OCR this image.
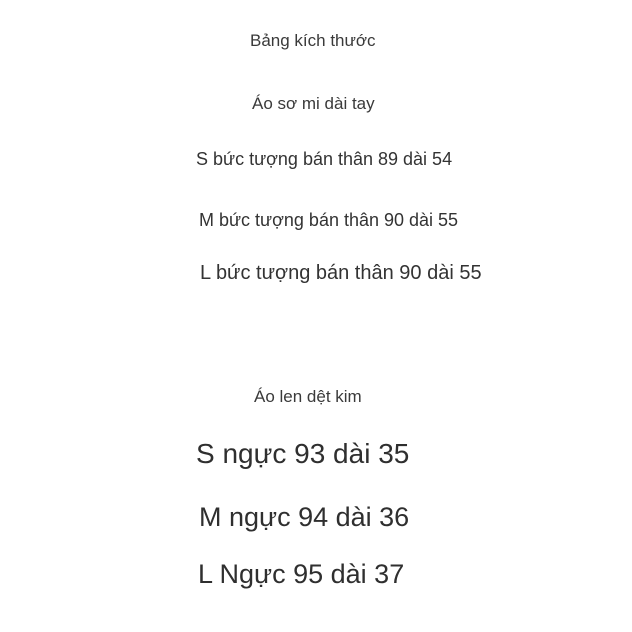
Bảng kích thước
Áo sơ mi dài tay
S bức tượng bán thân 89 dài 54
M bức tượng bán thân 90 dài 55
L bức tượng bán thân 90 dài 55
Áo len dệt kim
S ngực 93 dài 35
M ngực 94 dài 36
L Ngực 95 dài 37
